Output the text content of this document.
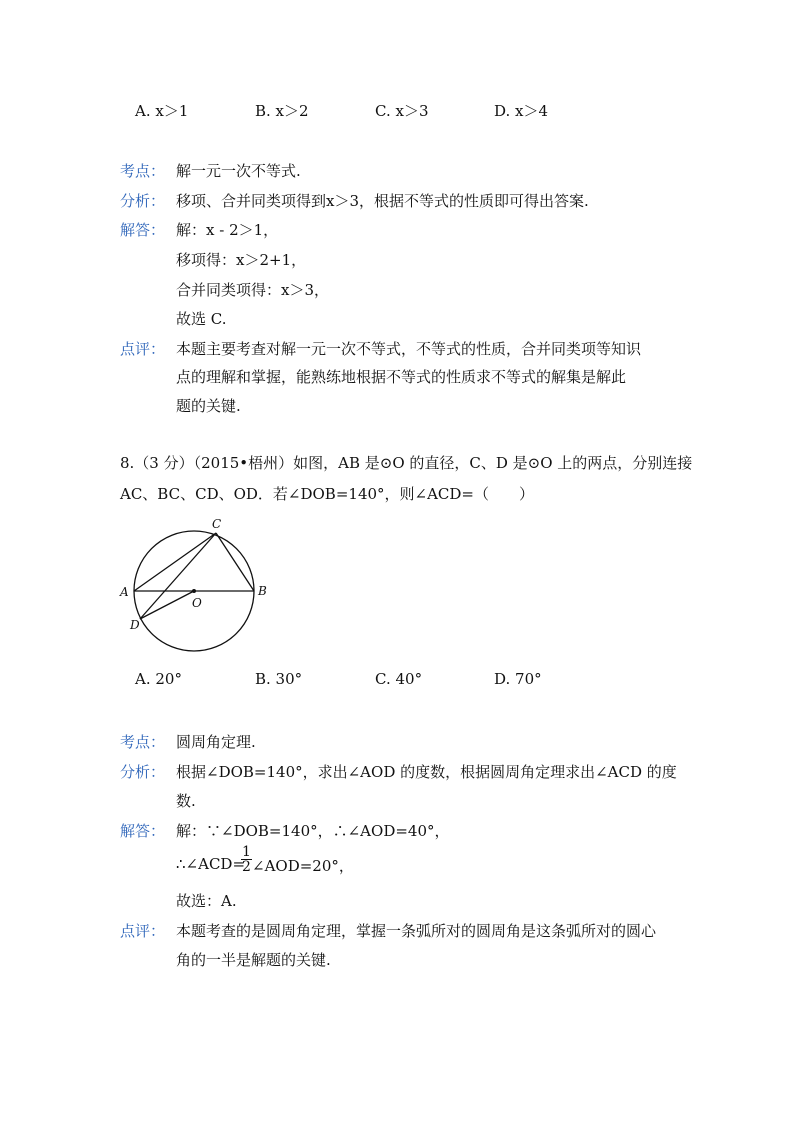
A. x＞1	B. x＞2	C. x＞3	D. x＞4
考点： 解一元一次不等式.
分析： 移项、合并同类项得到x＞3，根据不等式的性质即可得出答案.
解答： 解：x - 2＞1，
移项得：x＞2+1，
合并同类项得：x＞3，
故选 C.
点评： 本题主要考查对解一元一次不等式，不等式的性质，合并同类项等知识
点的理解和掌握，能熟练地根据不等式的性质求不等式的解集是解此
题的关键.
8.（3 分）（2015•梧州）如图，AB 是⊙O 的直径，C、D 是⊙O 上的两点，分别连接
AC、BC、CD、OD．若∠DOB=140°，则∠ACD=（　　）
A	B
C
D
O
A. 20°	B. 30°	C. 40°	D. 70°
考点： 圆周角定理.
分析： 根据∠DOB=140°，求出∠AOD 的度数，根据圆周角定理求出∠ACD 的度
数.
解答： 解：∵∠DOB=140°，∴∠AOD=40°，
∴∠ACD=
$\frac{1}{2}$ ∠AOD=20°，
故选：A.
点评： 本题考查的是圆周角定理，掌握一条弧所对的圆周角是这条弧所对的圆心
角的一半是解题的关键.
